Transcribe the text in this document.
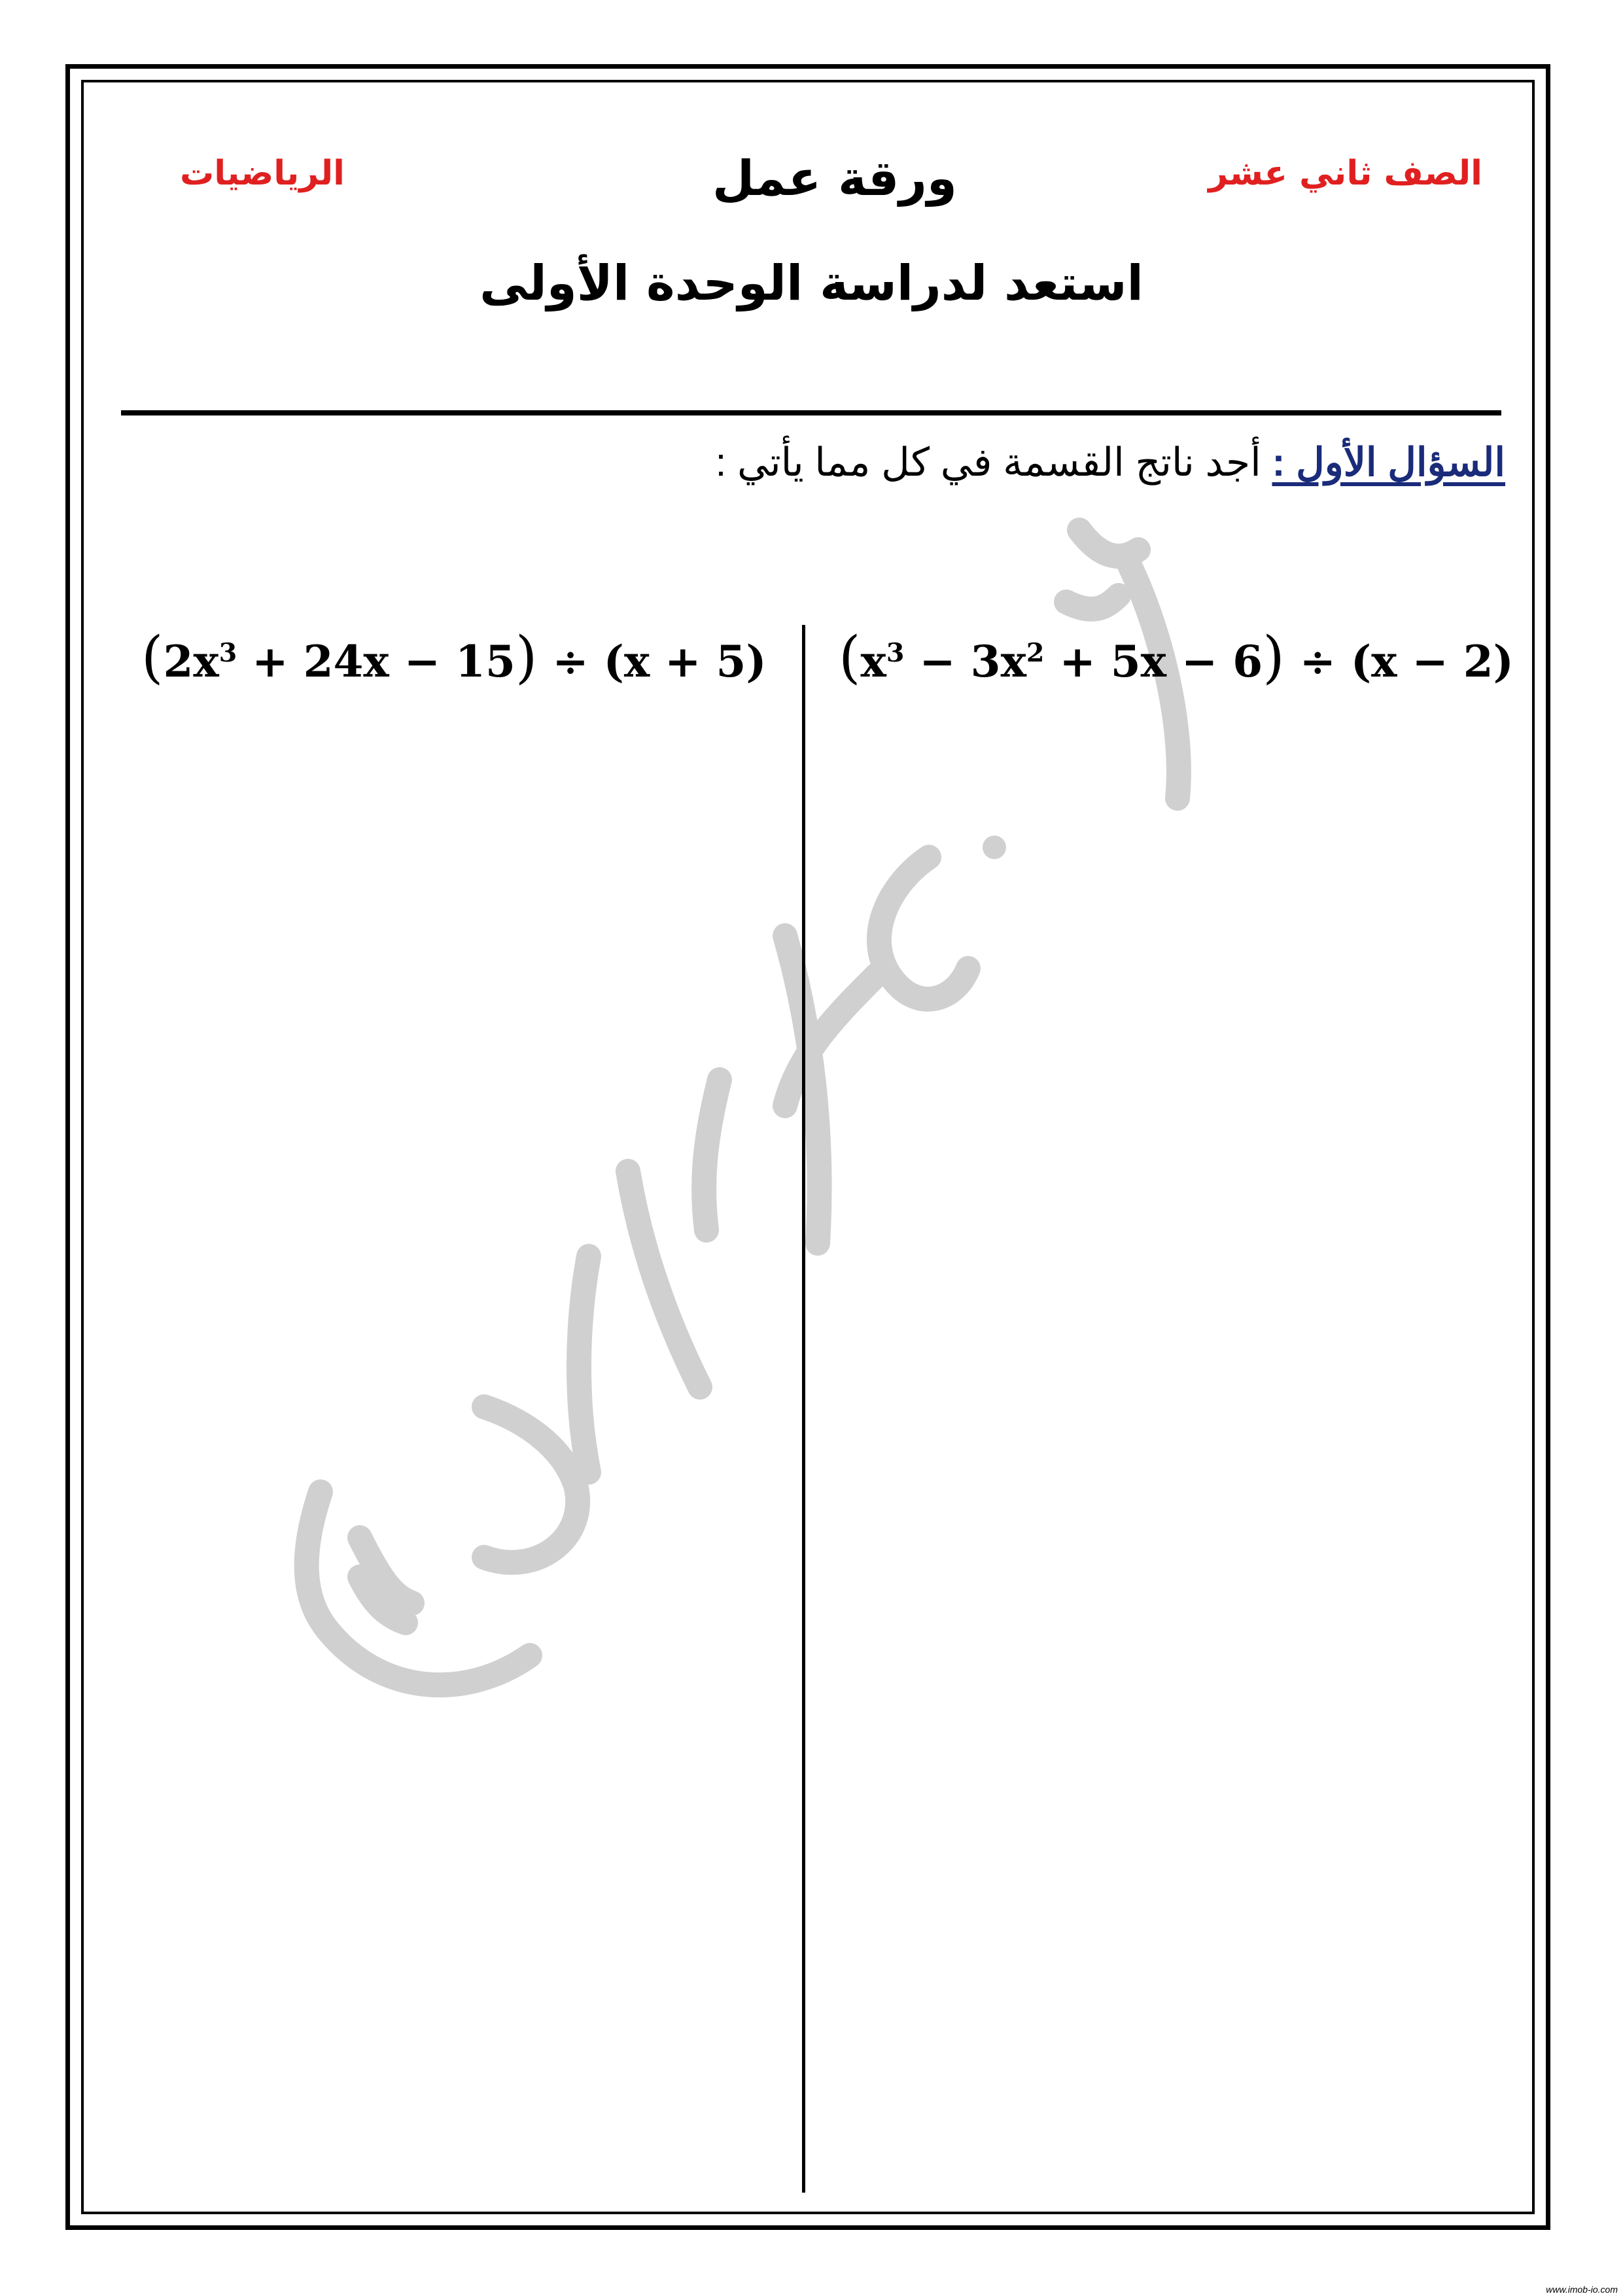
الصف ثاني عشر
ورقة عمل
الرياضيات
استعد لدراسة الوحدة الأولى
السؤال الأول : أجد ناتج القسمة في كل مما يأتي :
$(x^3 - 3x^2 + 5x - 6) \div (x - 2)$
$(2x^3 + 24x - 15) \div (x + 5)$
www.imob-io.com
